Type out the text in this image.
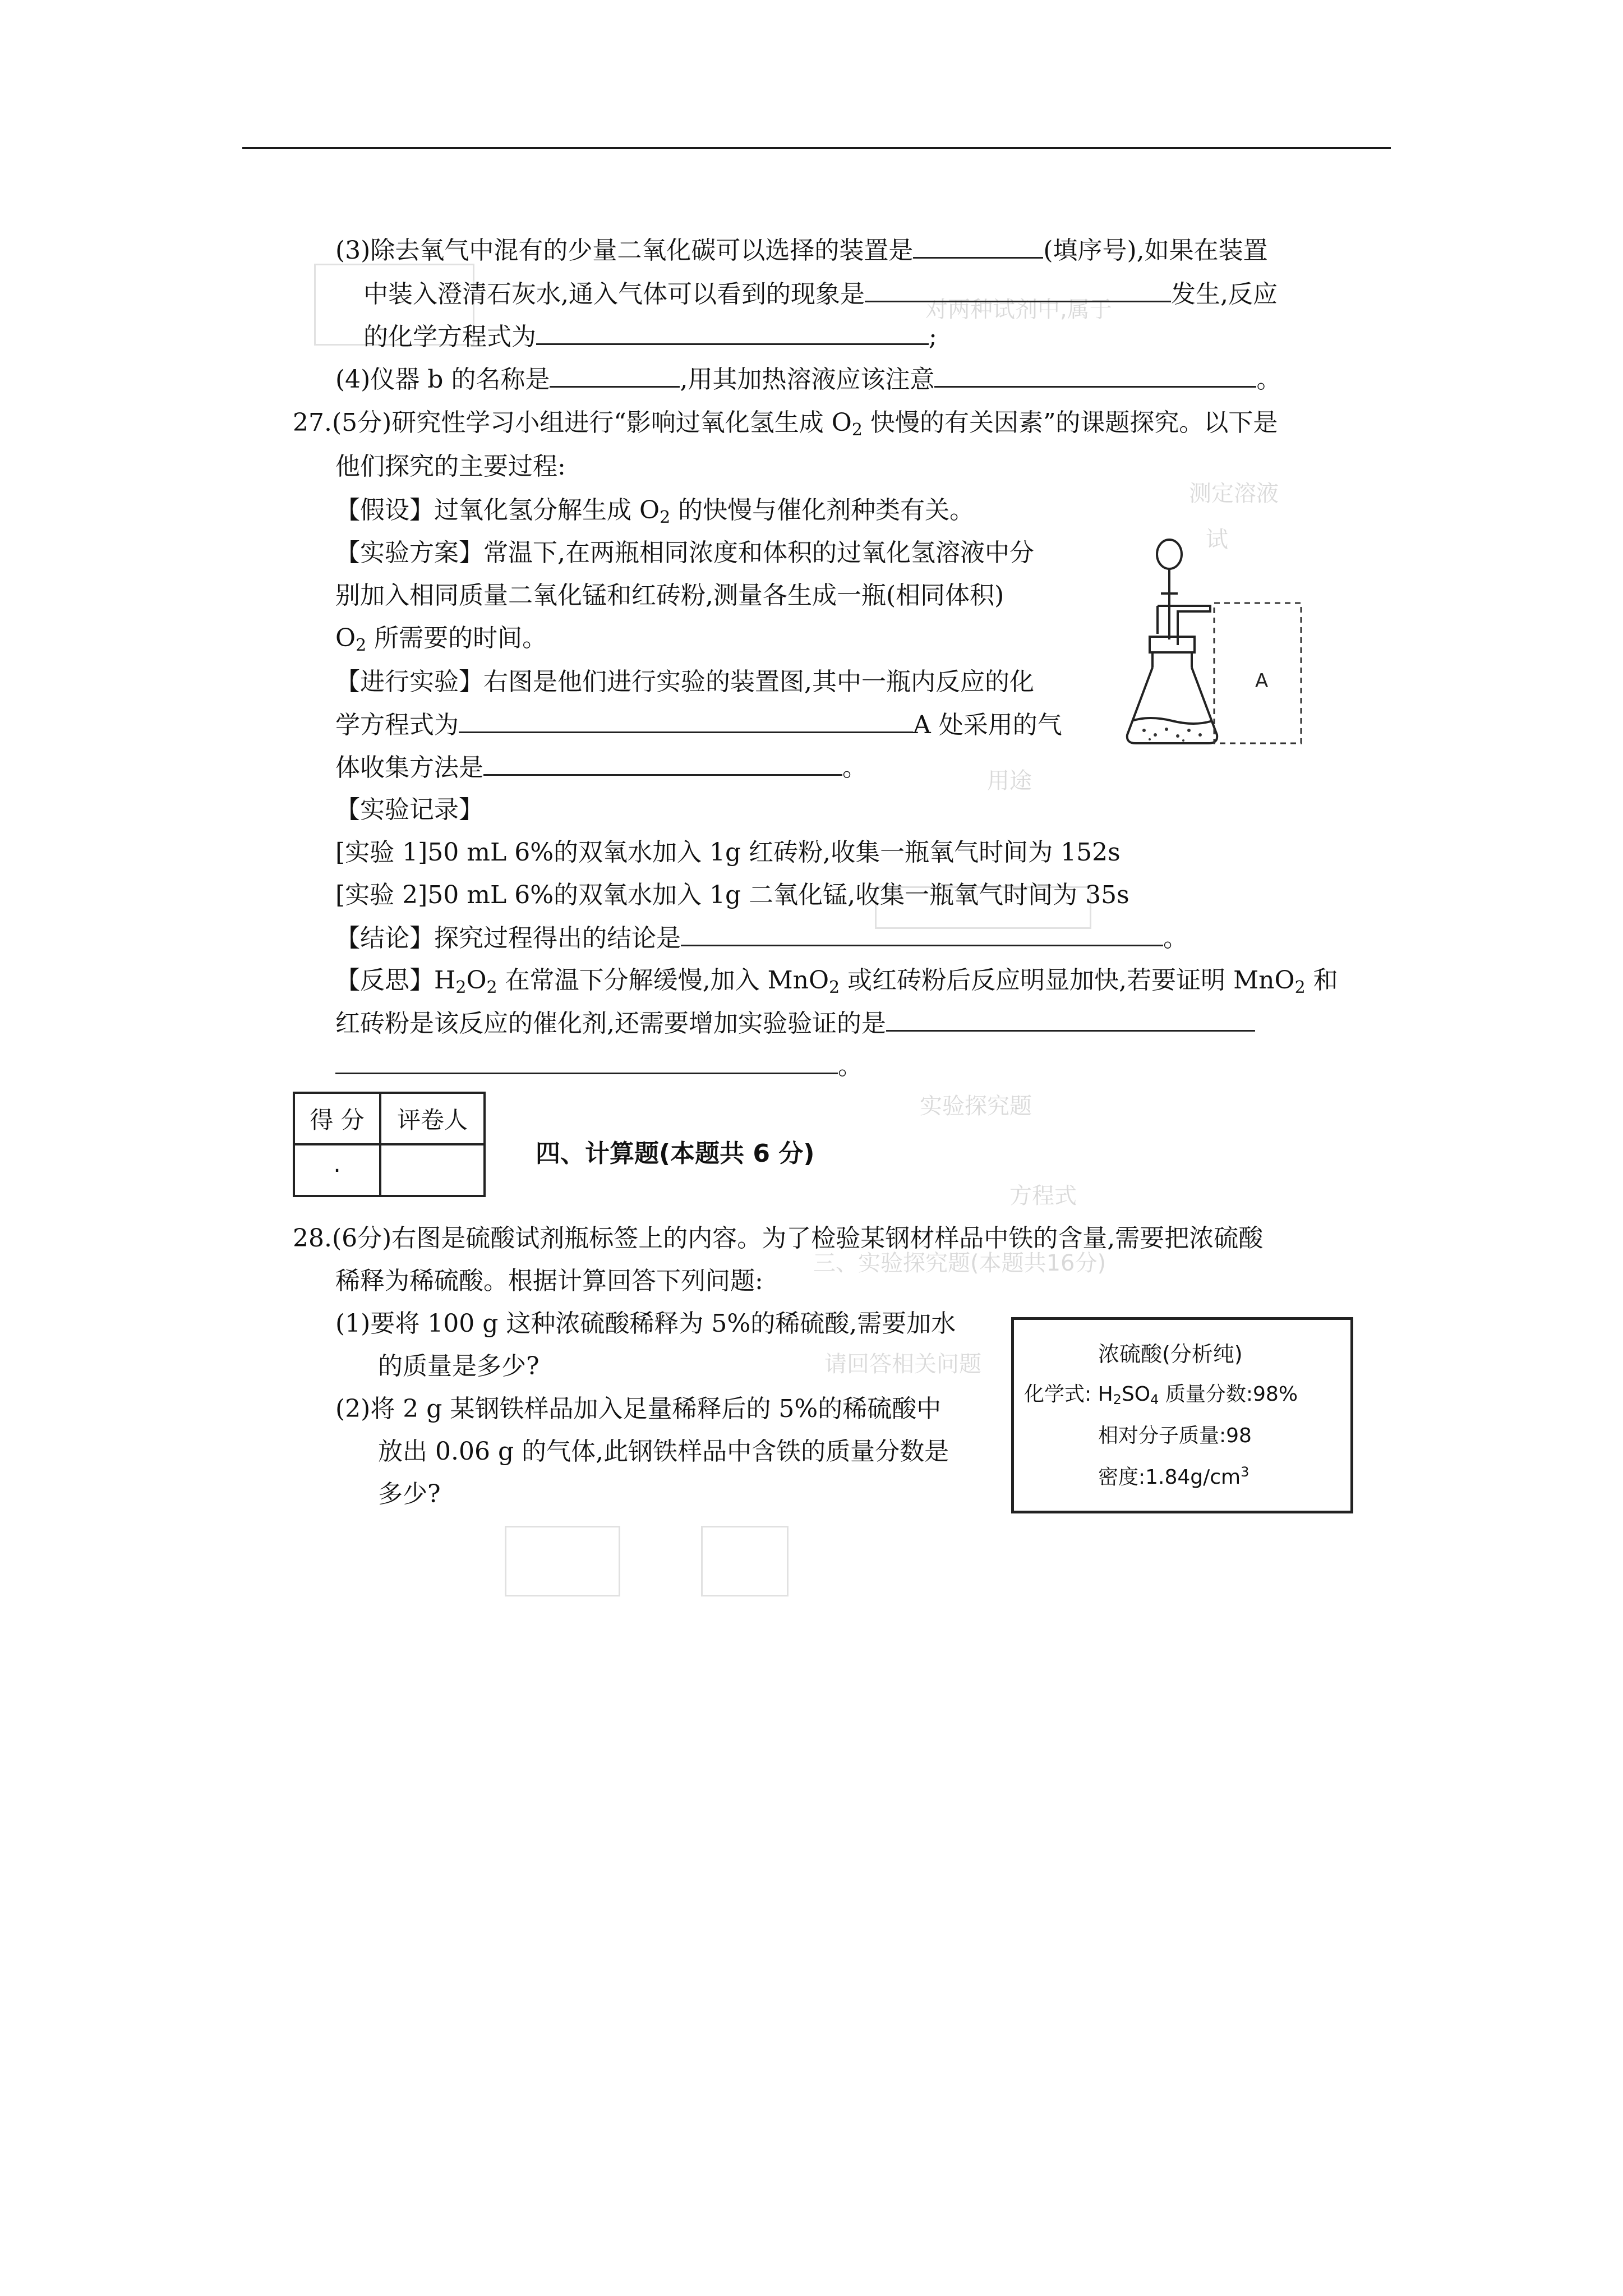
对两种试剂中,属于
测定溶液
试
用途
实验探究题
三、实验探究题(本题共16分)
请回答相关问题
方程式
(3)除去氧气中混有的少量二氧化碳可以选择的装置是	(填序号),如果在装置
中装入澄清石灰水,通入气体可以看到的现象是	发生,反应
的化学方程式为	;
(4)仪器 b 的名称是	,用其加热溶液应该注意	。
27.(5分)研究性学习小组进行“影响过氧化氢生成 $O_2$ 快慢的有关因素”的课题探究。以下是
他们探究的主要过程:
【假设】过氧化氢分解生成 $O_2$ 的快慢与催化剂种类有关。
【实验方案】常温下,在两瓶相同浓度和体积的过氧化氢溶液中分
别加入相同质量二氧化锰和红砖粉,测量各生成一瓶(相同体积)
$O_2$ 所需要的时间。
【进行实验】右图是他们进行实验的装置图,其中一瓶内反应的化
学方程式为	A 处采用的气
体收集方法是	。
【实验记录】
[实验 1]50 mL 6%的双氧水加入 1g 红砖粉,收集一瓶氧气时间为 152s
[实验 2]50 mL 6%的双氧水加入 1g 二氧化锰,收集一瓶氧气时间为 35s
【结论】探究过程得出的结论是	。
【反思】$H_2O_2$ 在常温下分解缓慢,加入 MnO$_2$ 或红砖粉后反应明显加快,若要证明 MnO$_2$ 和
红砖粉是该反应的催化剂,还需要增加实验验证的是
。
A
得 分	评卷人
·	
四、计算题(本题共 6 分)
28.(6分)右图是硫酸试剂瓶标签上的内容。为了检验某钢材样品中铁的含量,需要把浓硫酸
稀释为稀硫酸。根据计算回答下列问题:
(1)要将 100 g 这种浓硫酸稀释为 5%的稀硫酸,需要加水
的质量是多少?
(2)将 2 g 某钢铁样品加入足量稀释后的 5%的稀硫酸中
放出 0.06 g 的气体,此钢铁样品中含铁的质量分数是
多少?
浓硫酸(分析纯)
化学式: $H_2SO_4$ 质量分数:98%
相对分子质量:98
密度$:1.84g/cm^3$
